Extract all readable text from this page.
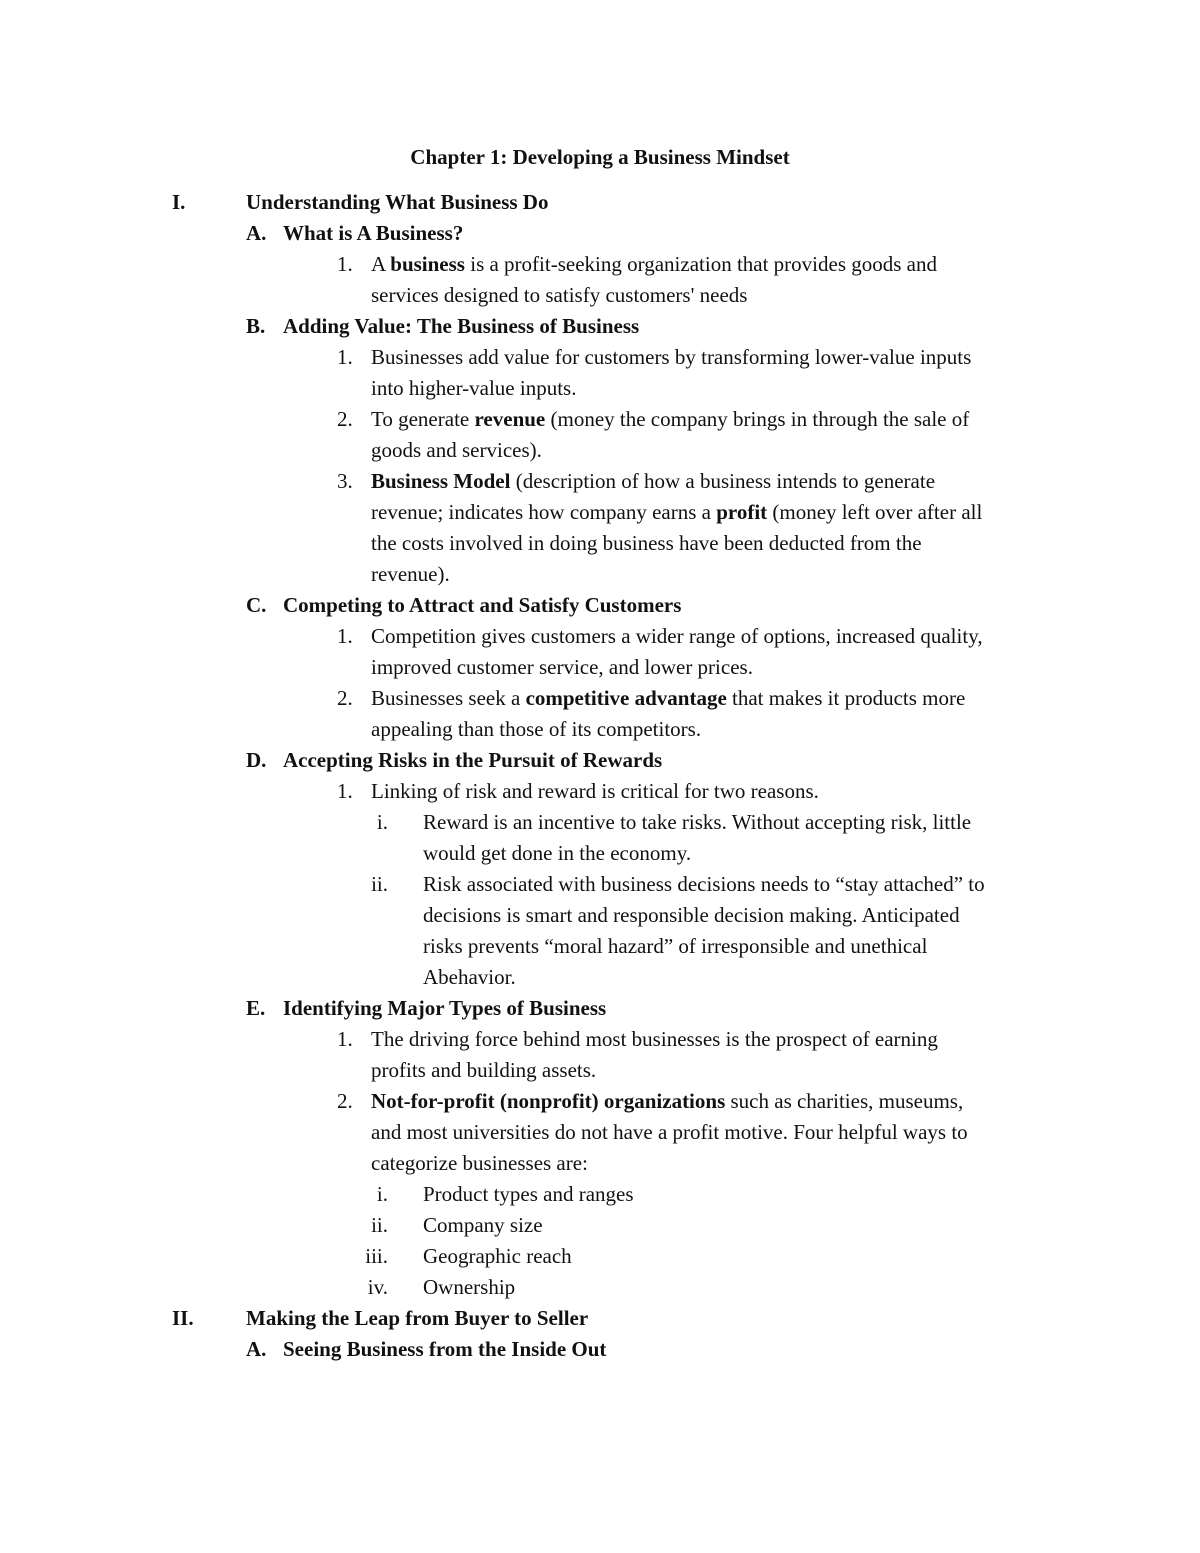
Chapter 1: Developing a Business Mindset
I.	Understanding What Business Do
A. What is A Business?
1. A business is a profit-seeking organization that provides goods and
services designed to satisfy customers' needs
B. Adding Value: The Business of Business
1. Businesses add value for customers by transforming lower-value inputs
into higher-value inputs.
2. To generate revenue (money the company brings in through the sale of
goods and services).
3. Business Model (description of how a business intends to generate
revenue; indicates how company earns a profit (money left over after all
the costs involved in doing business have been deducted from the
revenue).
C. Competing to Attract and Satisfy Customers
1. Competition gives customers a wider range of options, increased quality,
improved customer service, and lower prices.
2. Businesses seek a competitive advantage that makes it products more
appealing than those of its competitors.
D. Accepting Risks in the Pursuit of Rewards
1. Linking of risk and reward is critical for two reasons.
i. Reward is an incentive to take risks. Without accepting risk, little
would get done in the economy.
ii. Risk associated with business decisions needs to “stay attached” to
decisions is smart and responsible decision making. Anticipated
risks prevents “moral hazard” of irresponsible and unethical
Abehavior.
E. Identifying Major Types of Business
1. The driving force behind most businesses is the prospect of earning
profits and building assets.
2. Not-for-profit (nonprofit) organizations such as charities, museums,
and most universities do not have a profit motive. Four helpful ways to
categorize businesses are:
i. Product types and ranges
ii. Company size
iii. Geographic reach
iv. Ownership
II. Making the Leap from Buyer to Seller
A. Seeing Business from the Inside Out
